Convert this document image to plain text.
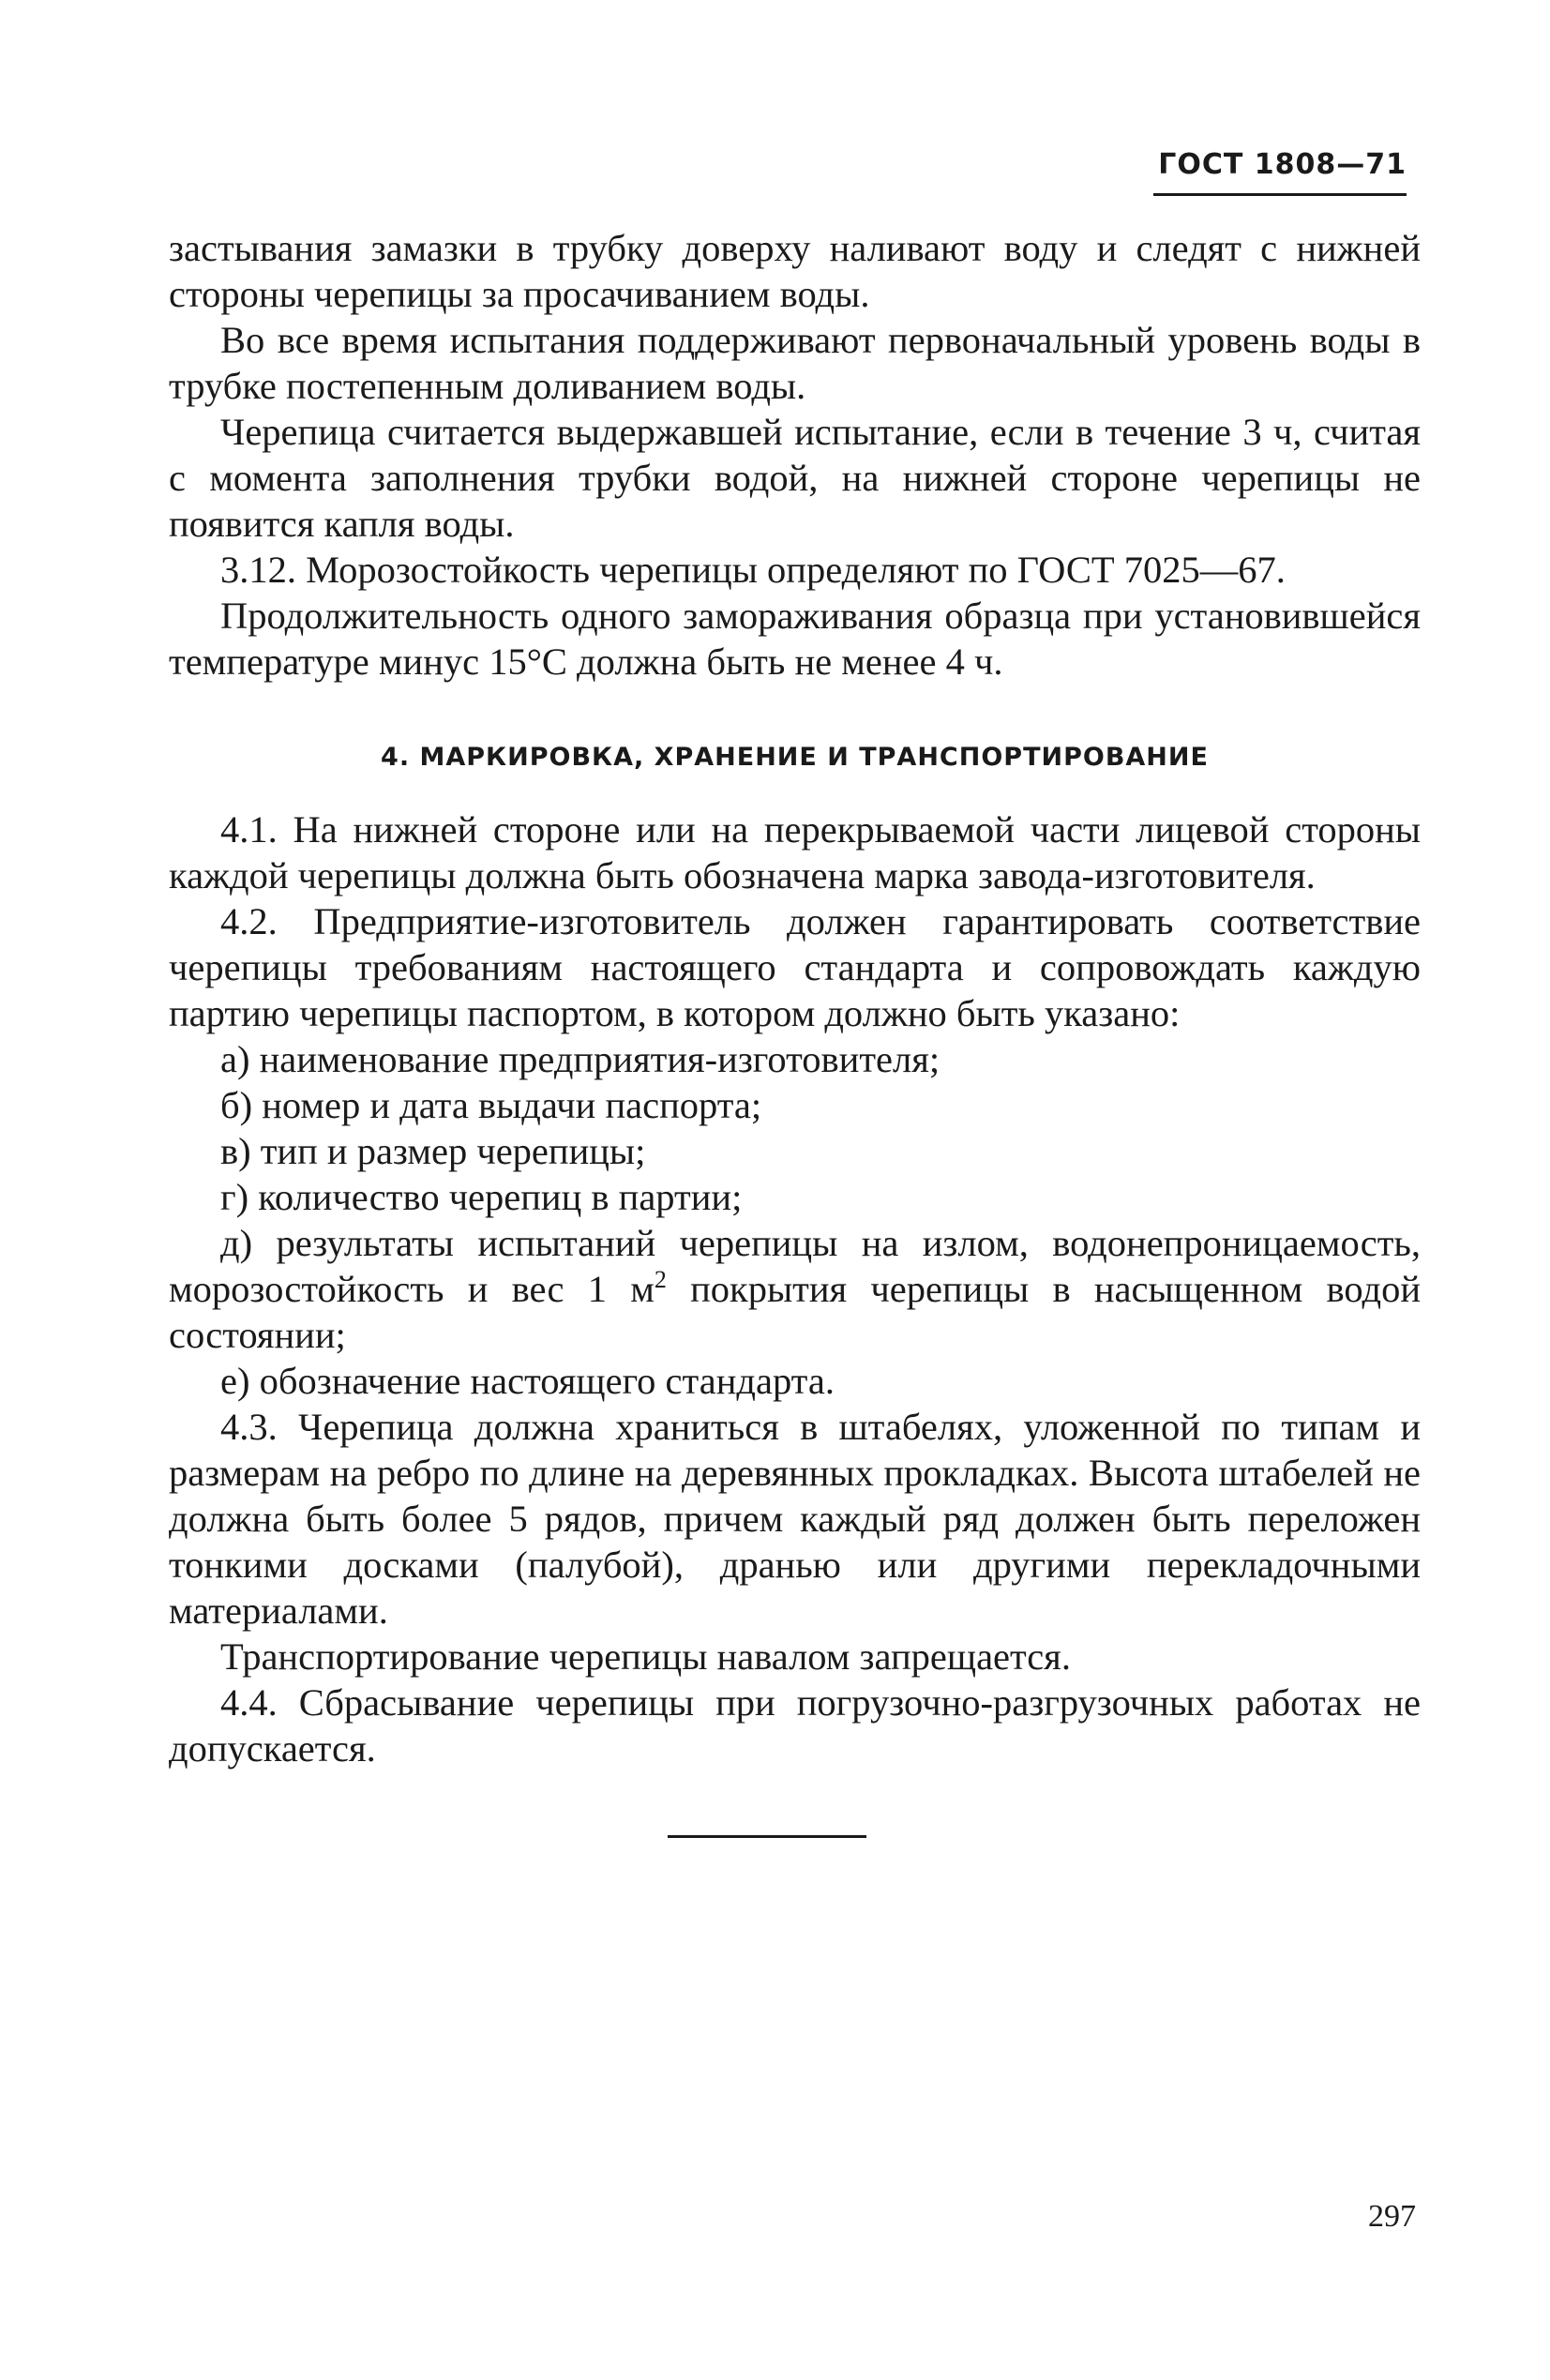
ГОСТ 1808—71

застывания замазки в трубку доверху наливают воду и следят с нижней стороны черепицы за просачиванием воды.

Во все время испытания поддерживают первоначальный уровень воды в трубке постепенным доливанием воды.

Черепица считается выдержавшей испытание, если в течение 3 ч, считая с момента заполнения трубки водой, на нижней стороне черепицы не появится капля воды.

3.12. Морозостойкость черепицы определяют по ГОСТ 7025—67.

Продолжительность одного замораживания образца при установившейся температуре минус 15°С должна быть не менее 4 ч.

4. МАРКИРОВКА, ХРАНЕНИЕ И ТРАНСПОРТИРОВАНИЕ

4.1. На нижней стороне или на перекрываемой части лицевой стороны каждой черепицы должна быть обозначена марка завода-изготовителя.

4.2. Предприятие-изготовитель должен гарантировать соответствие черепицы требованиям настоящего стандарта и сопровождать каждую партию черепицы паспортом, в котором должно быть указано:

а) наименование предприятия-изготовителя;

б) номер и дата выдачи паспорта;

в) тип и размер черепицы;

г) количество черепиц в партии;

д) результаты испытаний черепицы на излом, водонепроницаемость, морозостойкость и вес 1 $м^2$ покрытия черепицы в насыщенном водой состоянии;

е) обозначение настоящего стандарта.

4.3. Черепица должна храниться в штабелях, уложенной по типам и размерам на ребро по длине на деревянных прокладках. Высота штабелей не должна быть более 5 рядов, причем каждый ряд должен быть переложен тонкими досками (палубой), дранью или другими перекладочными материалами.

Транспортирование черепицы навалом запрещается.

4.4. Сбрасывание черепицы при погрузочно-разгрузочных работах не допускается.

297
